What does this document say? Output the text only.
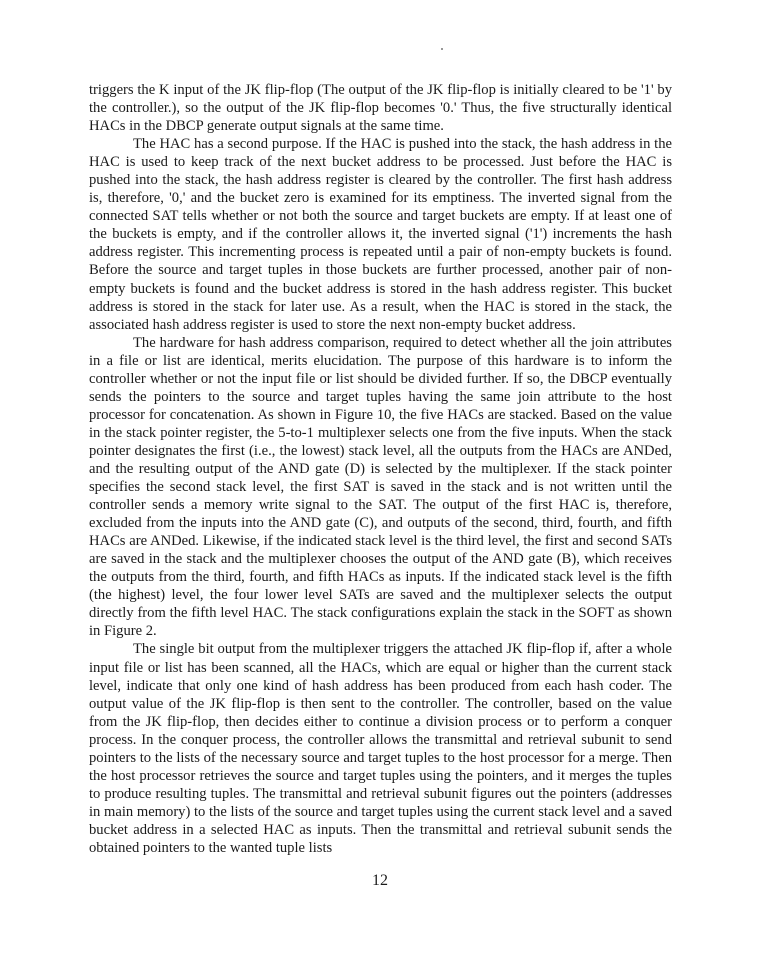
triggers the K input of the JK flip-flop (The output of the JK flip-flop is initially cleared to be '1' by the controller.), so the output of the JK flip-flop becomes '0.' Thus, the five structurally identical HACs in the DBCP generate output signals at the same time.

The HAC has a second purpose. If the HAC is pushed into the stack, the hash address in the HAC is used to keep track of the next bucket address to be processed. Just before the HAC is pushed into the stack, the hash address register is cleared by the controller. The first hash address is, therefore, '0,' and the bucket zero is examined for its emptiness. The inverted signal from the connected SAT tells whether or not both the source and target buckets are empty. If at least one of the buckets is empty, and if the controller allows it, the inverted signal ('1') increments the hash address register. This incrementing process is repeated until a pair of non-empty buckets is found. Before the source and target tuples in those buckets are further processed, another pair of non-empty buckets is found and the bucket address is stored in the hash address register. This bucket address is stored in the stack for later use. As a result, when the HAC is stored in the stack, the associated hash address register is used to store the next non-empty bucket address.

The hardware for hash address comparison, required to detect whether all the join attributes in a file or list are identical, merits elucidation. The purpose of this hardware is to inform the controller whether or not the input file or list should be divided further. If so, the DBCP eventually sends the pointers to the source and target tuples having the same join attribute to the host processor for concatenation. As shown in Figure 10, the five HACs are stacked. Based on the value in the stack pointer register, the 5-to-1 multiplexer selects one from the five inputs. When the stack pointer designates the first (i.e., the lowest) stack level, all the outputs from the HACs are ANDed, and the resulting output of the AND gate (D) is selected by the multiplexer. If the stack pointer specifies the second stack level, the first SAT is saved in the stack and is not written until the controller sends a memory write signal to the SAT. The output of the first HAC is, therefore, excluded from the inputs into the AND gate (C), and outputs of the second, third, fourth, and fifth HACs are ANDed. Likewise, if the indicated stack level is the third level, the first and second SATs are saved in the stack and the multiplexer chooses the output of the AND gate (B), which receives the outputs from the third, fourth, and fifth HACs as inputs. If the indicated stack level is the fifth (the highest) level, the four lower level SATs are saved and the multiplexer selects the output directly from the fifth level HAC. The stack configurations explain the stack in the SOFT as shown in Figure 2.

The single bit output from the multiplexer triggers the attached JK flip-flop if, after a whole input file or list has been scanned, all the HACs, which are equal or higher than the current stack level, indicate that only one kind of hash address has been produced from each hash coder. The output value of the JK flip-flop is then sent to the controller. The controller, based on the value from the JK flip-flop, then decides either to continue a division process or to perform a conquer process. In the conquer process, the controller allows the transmittal and retrieval subunit to send pointers to the lists of the necessary source and target tuples to the host processor for a merge. Then the host processor retrieves the source and target tuples using the pointers, and it merges the tuples to produce resulting tuples. The transmittal and retrieval subunit figures out the pointers (addresses in main memory) to the lists of the source and target tuples using the current stack level and a saved bucket address in a selected HAC as inputs. Then the transmittal and retrieval subunit sends the obtained pointers to the wanted tuple lists

12
